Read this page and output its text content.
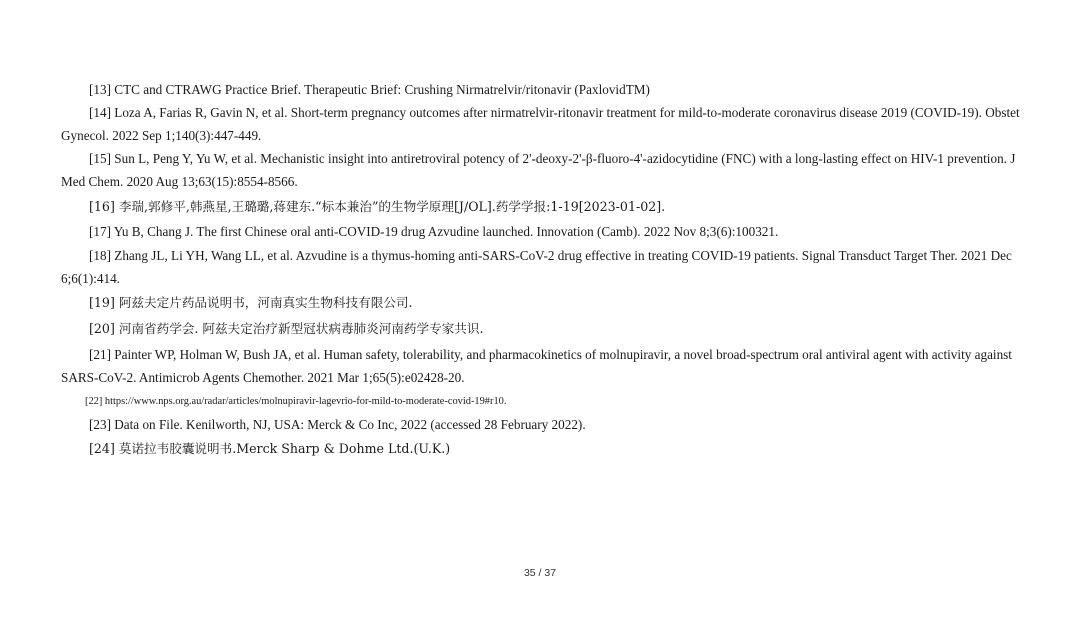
[13] CTC and CTRAWG Practice Brief. Therapeutic Brief: Crushing Nirmatrelvir/ritonavir (PaxlovidTM)

[14] Loza A, Farias R, Gavin N, et al. Short-term pregnancy outcomes after nirmatrelvir-ritonavir treatment for mild-to-moderate coronavirus disease 2019 (COVID-19). Obstet Gynecol. 2022 Sep 1;140(3):447-449.

[15] Sun L, Peng Y, Yu W, et al. Mechanistic insight into antiretroviral potency of 2'-deoxy-2'-β-fluoro-4'-azidocytidine (FNC) with a long-lasting effect on HIV-1 prevention. J Med Chem. 2020 Aug 13;63(15):8554-8566.

[16] 李瑞,郭修平,韩燕星,王璐璐,蒋建东.“标本兼治”的生物学原理[J/OL].药学学报:1-19[2023-01-02].

[17] Yu B, Chang J. The first Chinese oral anti-COVID-19 drug Azvudine launched. Innovation (Camb). 2022 Nov 8;3(6):100321.

[18] Zhang JL, Li YH, Wang LL, et al. Azvudine is a thymus-homing anti-SARS-CoV-2 drug effective in treating COVID-19 patients. Signal Transduct Target Ther. 2021 Dec 6;6(1):414.

[19] 阿兹夫定片药品说明书，河南真实生物科技有限公司.

[20] 河南省药学会. 阿兹夫定治疗新型冠状病毒肺炎河南药学专家共识.

[21] Painter WP, Holman W, Bush JA, et al. Human safety, tolerability, and pharmacokinetics of molnupiravir, a novel broad-spectrum oral antiviral agent with activity against SARS-CoV-2. Antimicrob Agents Chemother. 2021 Mar 1;65(5):e02428-20.

[22] https://www.nps.org.au/radar/articles/molnupiravir-lagevrio-for-mild-to-moderate-covid-19#r10.

[23] Data on File. Kenilworth, NJ, USA: Merck & Co Inc, 2022 (accessed 28 February 2022).

[24] 莫诺拉韦胶囊说明书.Merck Sharp & Dohme Ltd.(U.K.)

35 / 37
